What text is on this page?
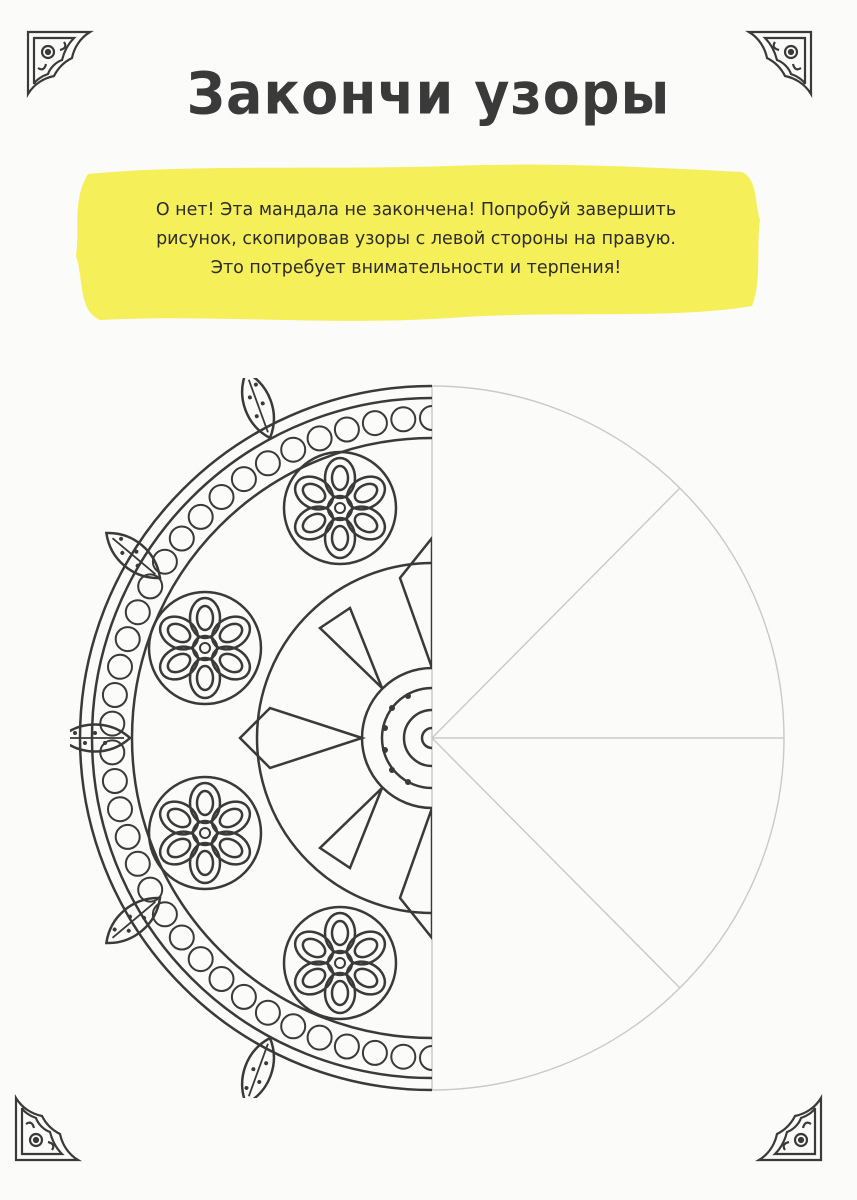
Закончи узоры
О нет! Эта мандала не закончена! Попробуй завершить
рисунок, скопировав узоры с левой стороны на правую.
Это потребует внимательности и терпения!
